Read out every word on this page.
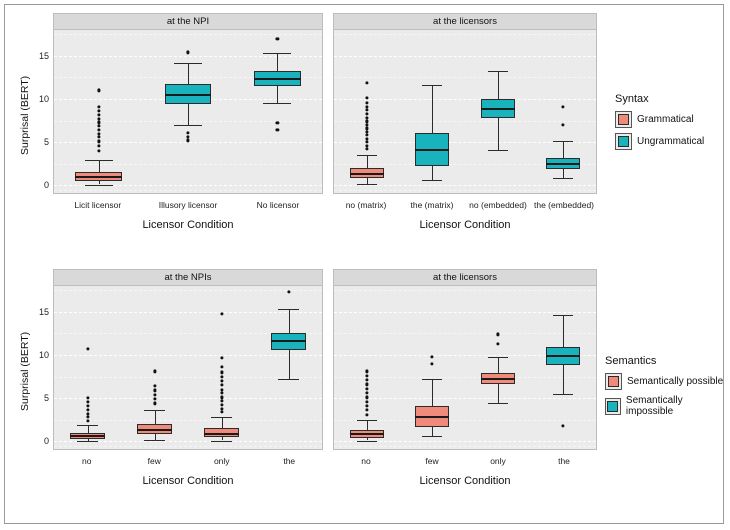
Surprisal (BERT)
at the NPI
Licit licensor	Illusory licensor	No licensor
Licensor Condition
0
5
10
15
at the licensors
no (matrix)	the (matrix) no (embedded) the (embedded)
Licensor Condition
Syntax
Grammatical
Ungrammatical
Surprisal (BERT)
at the NPIs
no	few	only	the
Licensor Condition
0
5
10
15
at the licensors
no	few	only	the
Licensor Condition
Semantics
Semantically possible
Semantically impossible
